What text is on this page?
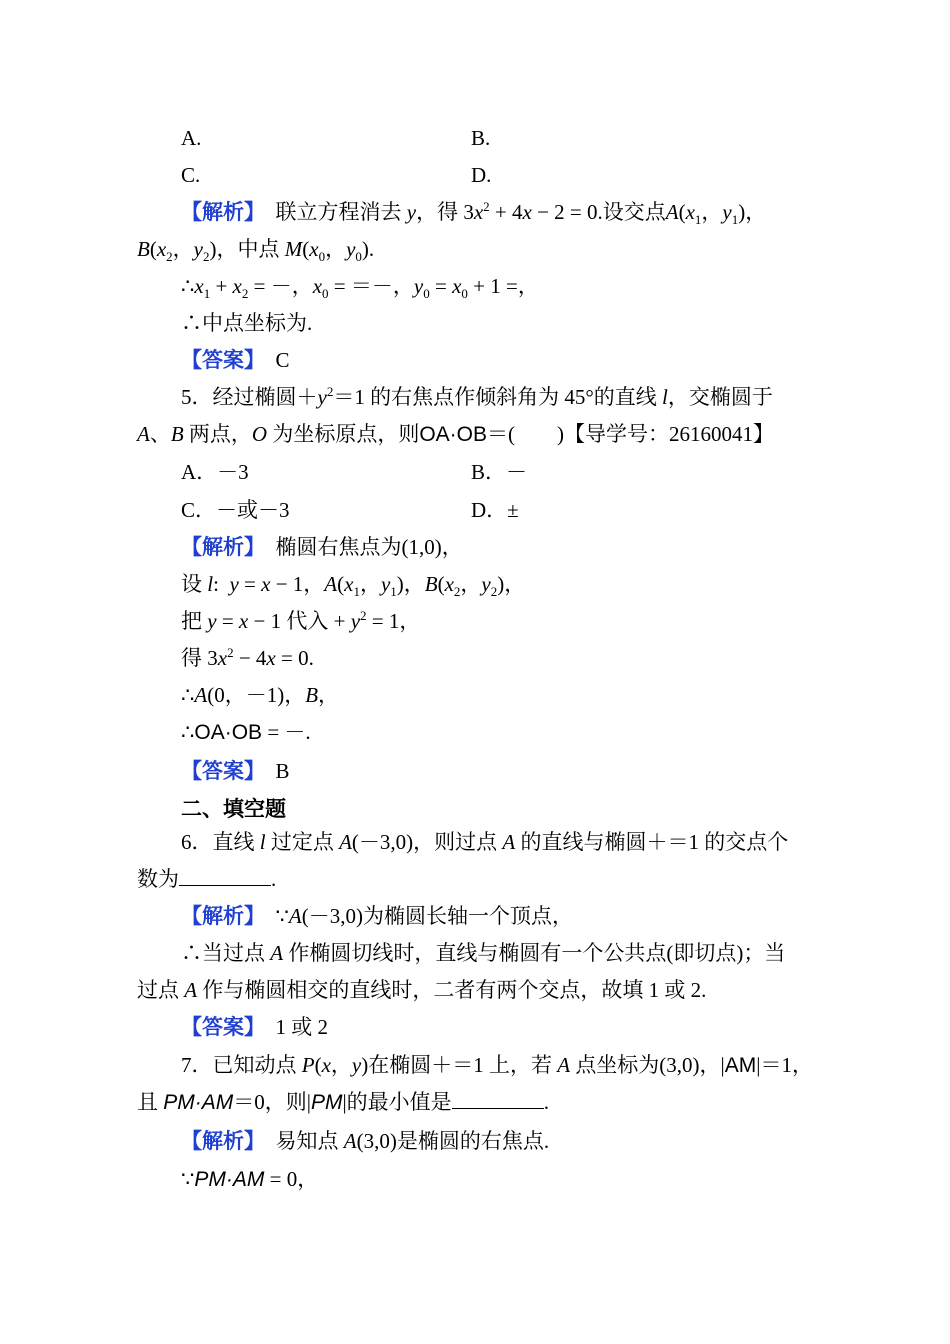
A.	B.
C.	D.
【解析】 联立方程消去 y，得 $3x^2 + 4x - 2 = 0$.设交点$A(x_1$，$y_1$)，
$B(x_2$，$y_2$)，中点 $M(x_0$，$y_0$).
$\therefore x_1 + x_2$ = －，$x_0$ = ＝－，$y_0 = x_0 + 1$ =，
∴中点坐标为.
【答案】 C
5．经过椭圆$+y^2=1$ 的右焦点作倾斜角为 45°的直线 l，交椭圆于
A、B 两点，O 为坐标原点，则OA·OB＝(　　)【导学号：26160041】
A．－3	B．－
C．－或－3	D．±
【解析】 椭圆右焦点为(1,0)，
设 l:  y = x − 1，$A(x_1$，$y_1$)，$B(x_2$，$y_2$)，
把 y = x − 1 代入 + $y^2 = 1$，
得 $3x^2 - 4x = 0$.
∴A(0，－1)，B，
∴OA·OB = －.
【答案】 B
二、填空题
6．直线 l 过定点 A(－3,0)，则过点 A 的直线与椭圆＋＝1 的交点个
数为	.
【解析】  ∵A(－3,0)为椭圆长轴一个顶点，
∴当过点 A 作椭圆切线时，直线与椭圆有一个公共点(即切点)；当
过点 A 作与椭圆相交的直线时，二者有两个交点，故填 1 或 2.
【答案】 1 或 2
7．已知动点 P(x，y)在椭圆＋＝1 上，若 A 点坐标为(3,0)，|AM|＝1，
且 PM·AM＝0，则|PM|的最小值是	.
【解析】  易知点 A(3,0)是椭圆的右焦点.
∵PM·AM = 0，
